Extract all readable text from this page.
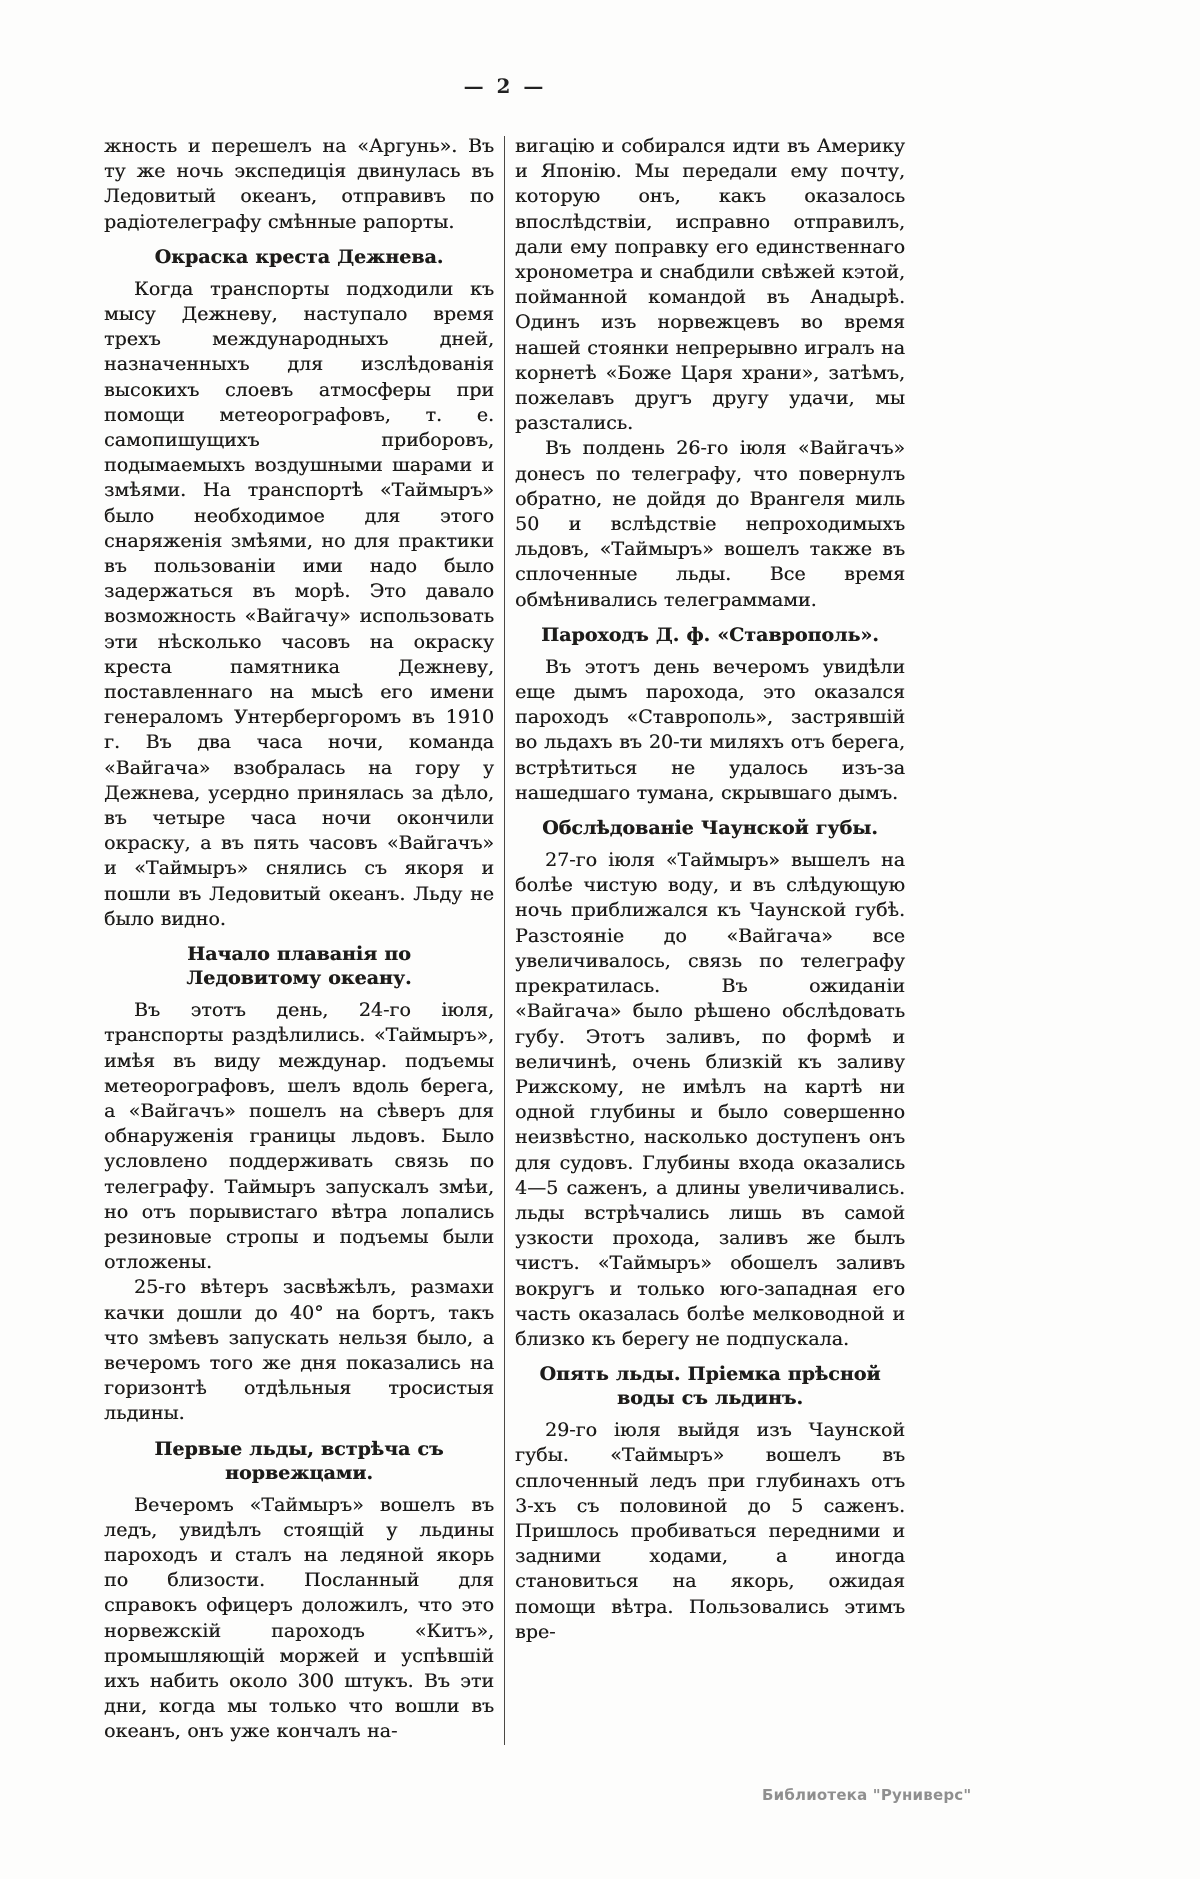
— 2 —
жность и перешелъ на «Аргунь». Въ ту же ночь экспедиція двинулась въ Ледовитый океанъ, отправивъ по радіотелеграфу смѣнные рапорты.
Окраска креста Дежнева.
Когда транспорты подходили къ мысу Дежневу, наступало время трехъ международныхъ дней, назначенныхъ для изслѣдованія высокихъ слоевъ атмосферы при помощи метеорографовъ, т. е. самопишущихъ приборовъ, подымаемыхъ воздушными шарами и змѣями. На транспортѣ «Таймыръ» было необходимое для этого снаряженія змѣями, но для практики въ пользованіи ими надо было задержаться въ морѣ. Это давало возможность «Вайгачу» использовать эти нѣсколько часовъ на окраску креста памятника Дежневу, поставленнаго на мысѣ его имени генераломъ Унтербергоромъ въ 1910 г. Въ два часа ночи, команда «Вайгача» взобралась на гору у Дежнева, усердно принялась за дѣло, въ четыре часа ночи окончили окраску, а въ пять часовъ «Вайгачъ» и «Таймыръ» снялись съ якоря и пошли въ Ледовитый океанъ. Льду не было видно.
Начало плаванія по Ледовитому океану.
Въ этотъ день, 24-го іюля, транспорты раздѣлились. «Таймыръ», имѣя въ виду междунар. подъемы метеорографовъ, шелъ вдоль берега, а «Вайгачъ» пошелъ на сѣверъ для обнаруженія границы льдовъ. Было условлено поддерживать связь по телеграфу. Таймыръ запускалъ змѣи, но отъ порывистаго вѣтра лопались резиновые стропы и подъемы были отложены.
25-го вѣтеръ засвѣжѣлъ, размахи качки дошли до 40° на бортъ, такъ что змѣевъ запускать нельзя было, а вечеромъ того же дня показались на горизонтѣ отдѣльныя тросистыя льдины.
Первые льды, встрѣча съ норвежцами.
Вечеромъ «Таймыръ» вошелъ въ ледъ, увидѣлъ стоящій у льдины пароходъ и сталъ на ледяной якорь по близости. Посланный для справокъ офицеръ доложилъ, что это норвежскій пароходъ «Китъ», промышляющій моржей и успѣвшій ихъ набить около 300 штукъ. Въ эти дни, когда мы только что вошли въ океанъ, онъ уже кончалъ на-
вигацію и собирался идти въ Америку и Японію. Мы передали ему почту, которую онъ, какъ оказалось впослѣдствіи, исправно отправилъ, дали ему поправку его единственнаго хронометра и снабдили свѣжей кэтой, пойманной командой въ Анадырѣ. Одинъ изъ норвежцевъ во время нашей стоянки непрерывно игралъ на корнетѣ «Боже Царя храни», затѣмъ, пожелавъ другъ другу удачи, мы разстались.
Въ полдень 26-го іюля «Вайгачъ» донесъ по телеграфу, что повернулъ обратно, не дойдя до Врангеля миль 50 и вслѣдствіе непроходимыхъ льдовъ, «Таймыръ» вошелъ также въ сплоченные льды. Все время обмѣнивались телеграммами.
Пароходъ Д. ф. «Ставрополь».
Въ этотъ день вечеромъ увидѣли еще дымъ парохода, это оказался пароходъ «Ставрополь», застрявшій во льдахъ въ 20-ти миляхъ отъ берега, встрѣтиться не удалось изъ-за нашедшаго тумана, скрывшаго дымъ.
Обслѣдованіе Чаунской губы.
27-го іюля «Таймыръ» вышелъ на болѣе чистую воду, и въ слѣдующую ночь приближался къ Чаунской губѣ. Разстояніе до «Вайгача» все увеличивалось, связь по телеграфу прекратилась. Въ ожиданіи «Вайгача» было рѣшено обслѣдовать губу. Этотъ заливъ, по формѣ и величинѣ, очень близкій къ заливу Рижскому, не имѣлъ на картѣ ни одной глубины и было совершенно неизвѣстно, насколько доступенъ онъ для судовъ. Глубины входа оказались 4—5 саженъ, а длины увеличивались. льды встрѣчались лишь въ самой узкости прохода, заливъ же былъ чистъ. «Таймыръ» обошелъ заливъ вокругъ и только юго-западная его часть оказалась болѣе мелководной и близко къ берегу не подпускала.
Опять льды. Пріемка прѣсной воды съ льдинъ.
29-го іюля выйдя изъ Чаунской губы. «Таймыръ» вошелъ въ сплоченный ледъ при глубинахъ отъ 3-хъ съ половиной до 5 саженъ. Пришлось пробиваться передними и задними ходами, а иногда становиться на якорь, ожидая помощи вѣтра. Пользовались этимъ вре-
Библиотека "Руниверс"
